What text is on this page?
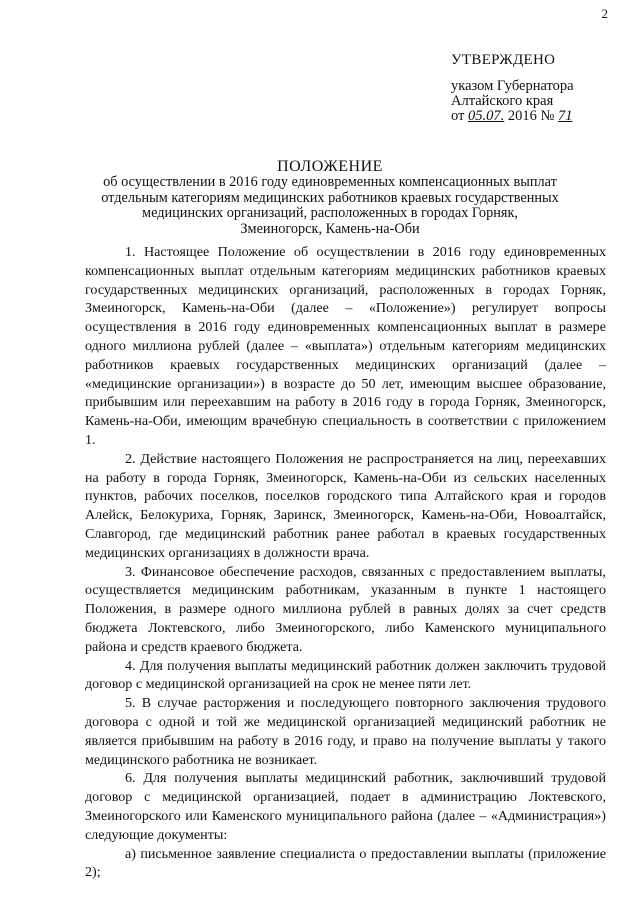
2
УТВЕРЖДЕНО
указом Губернатора
Алтайского края
от 05.07. 2016 № 71
ПОЛОЖЕНИЕ
об осуществлении в 2016 году единовременных компенсационных выплат
отдельным категориям медицинских работников краевых государственных
медицинских организаций, расположенных в городах Горняк,
Змеиногорск, Камень-на-Оби

1. Настоящее Положение об осуществлении в 2016 году единовременных компенсационных выплат отдельным категориям медицинских работников краевых государственных медицинских организаций, расположенных в городах Горняк, Змеиногорск, Камень-на-Оби (далее – «Положение») регулирует вопросы осуществления в 2016 году единовременных компенсационных выплат в размере одного миллиона рублей (далее – «выплата») отдельным категориям медицинских работников краевых государственных медицинских организаций (далее – «медицинские организации») в возрасте до 50 лет, имеющим высшее образование, прибывшим или переехавшим на работу в 2016 году в города Горняк, Змеиногорск, Камень-на-Оби, имеющим врачебную специальность в соответствии с приложением 1.

2. Действие настоящего Положения не распространяется на лиц, переехавших на работу в города Горняк, Змеиногорск, Камень-на-Оби из сельских населенных пунктов, рабочих поселков, поселков городского типа Алтайского края и городов Алейск, Белокуриха, Горняк, Заринск, Змеиногорск, Камень-на-Оби, Новоалтайск, Славгород, где медицинский работник ранее работал в краевых государственных медицинских организациях в должности врача.

3. Финансовое обеспечение расходов, связанных с предоставлением выплаты, осуществляется медицинским работникам, указанным в пункте 1 настоящего Положения, в размере одного миллиона рублей в равных долях за счет средств бюджета Локтевского, либо Змеиногорского, либо Каменского муниципального района и средств краевого бюджета.

4. Для получения выплаты медицинский работник должен заключить трудовой договор с медицинской организацией на срок не менее пяти лет.

5. В случае расторжения и последующего повторного заключения трудового договора с одной и той же медицинской организацией медицинский работник не является прибывшим на работу в 2016 году, и право на получение выплаты у такого медицинского работника не возникает.

6. Для получения выплаты медицинский работник, заключивший трудовой договор с медицинской организацией, подает в администрацию Локтевского, Змеиногорского или Каменского муниципального района (далее – «Администрация») следующие документы:

а) письменное заявление специалиста о предоставлении выплаты (приложение 2);
